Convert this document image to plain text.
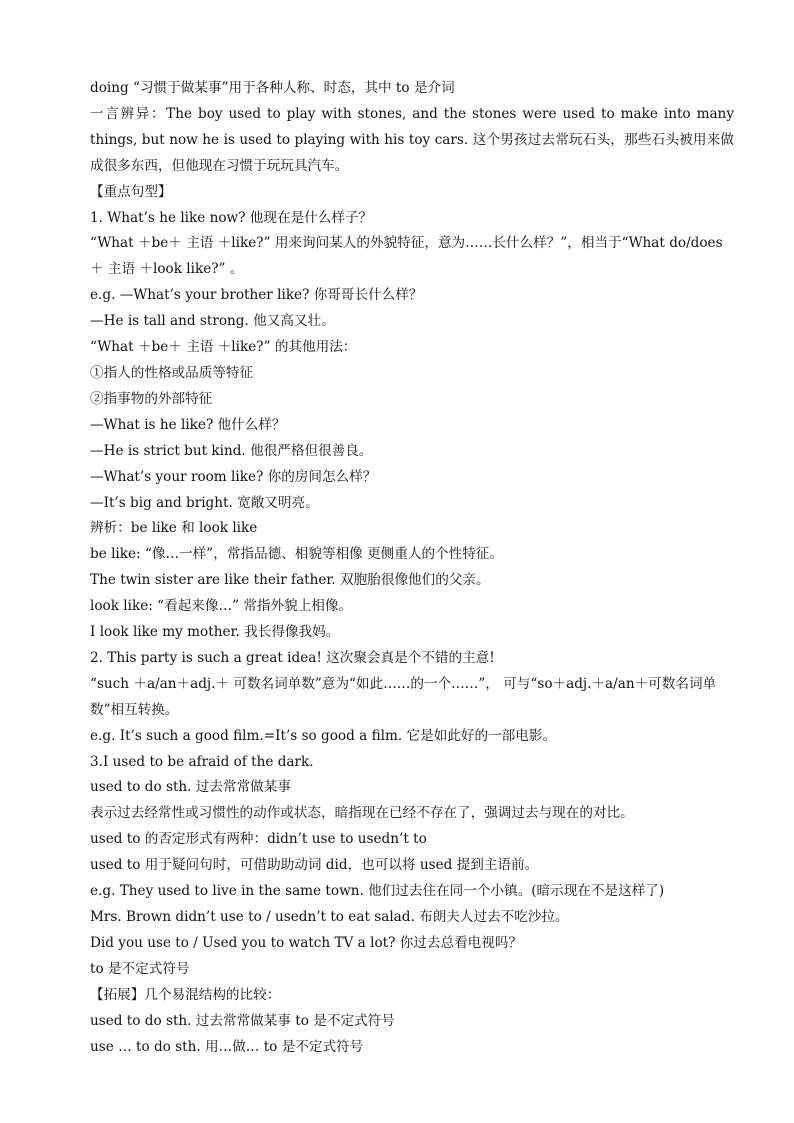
doing “习惯于做某事”用于各种人称、时态，其中 to 是介词
一言辨异：The boy used to play with stones, and the stones were used to make into many things, but now he is used to playing with his toy cars. 这个男孩过去常玩石头，那些石头被用来做成很多东西，但他现在习惯于玩玩具汽车。
【重点句型】
1. What’s he like now? 他现在是什么样子？
“What ＋be＋ 主语 ＋like?” 用来询问某人的外貌特征，意为……长什么样？”，相当于“What do/does＋ 主语 ＋look like?” 。
e.g. —What’s your brother like? 你哥哥长什么样？
—He is tall and strong. 他又高又壮。
“What ＋be＋ 主语 ＋like?” 的其他用法：
①指人的性格或品质等特征
②指事物的外部特征
—What is he like? 他什么样？
—He is strict but kind. 他很严格但很善良。
—What’s your room like? 你的房间怎么样？
—It’s big and bright. 宽敞又明亮。
辨析：be like 和 look like
be like: “像…一样”，常指品德、相貌等相像 更侧重人的个性特征。
The twin sister are like their father. 双胞胎很像他们的父亲。
look like: “看起来像…” 常指外貌上相像。
I look like my mother. 我长得像我妈。
2. This party is such a great idea! 这次聚会真是个不错的主意!
“such ＋a/an＋adj.＋ 可数名词单数”意为“如此……的一个……”， 可与“so＋adj.＋a/an＋可数名词单数”相互转换。
e.g. It’s such a good film.=It’s so good a film. 它是如此好的一部电影。
3.I used to be afraid of the dark.
used to do sth. 过去常常做某事
表示过去经常性或习惯性的动作或状态，暗指现在已经不存在了，强调过去与现在的对比。
used to 的否定形式有两种：didn’t use to usedn’t to
used to 用于疑问句时，可借助助动词 did，也可以将 used 提到主语前。
e.g. They used to live in the same town. 他们过去住在同一个小镇。(暗示现在不是这样了)
Mrs. Brown didn’t use to / usedn’t to eat salad. 布朗夫人过去不吃沙拉。
Did you use to / Used you to watch TV a lot? 你过去总看电视吗？
to 是不定式符号
【拓展】几个易混结构的比较：
used to do sth. 过去常常做某事 to 是不定式符号
use … to do sth. 用…做… to 是不定式符号
